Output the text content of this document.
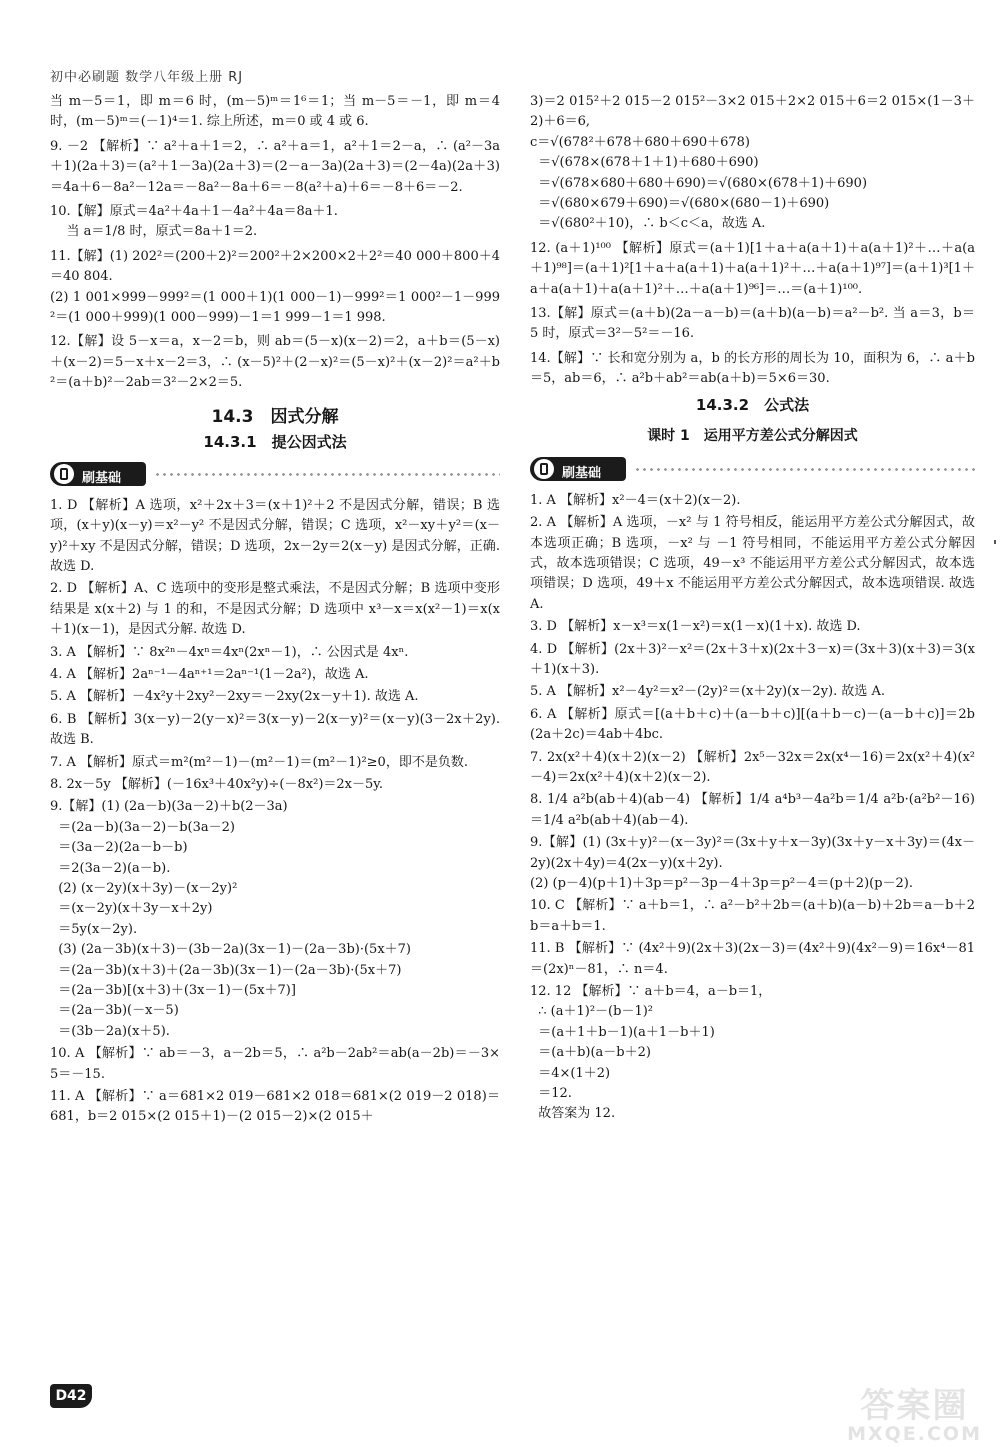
初中必刷题 数学八年级上册 RJ
当 m－5＝1，即 m＝6 时，(m－5)ᵐ＝1⁶＝1；当 m－5＝－1，即 m＝4 时，(m－5)ᵐ＝(－1)⁴＝1. 综上所述，m＝0 或 4 或 6.
9. －2 【解析】∵ a²＋a＋1＝2，∴ a²＋a＝1，a²＋1＝2－a，∴ (a²－3a＋1)(2a＋3)＝(a²＋1－3a)(2a＋3)＝(2－a－3a)(2a＋3)＝(2－4a)(2a＋3)＝4a＋6－8a²－12a＝－8a²－8a＋6＝－8(a²＋a)＋6＝－8＋6＝－2.
10.【解】原式＝4a²＋4a＋1－4a²＋4a＝8a＋1.
当 a＝1/8 时，原式＝8a＋1＝2.
11.【解】(1) 202²＝(200＋2)²＝200²＋2×200×2＋2²＝40 000＋800＋4＝40 804.
(2) 1 001×999－999²＝(1 000＋1)(1 000－1)－999²＝1 000²－1－999²＝(1 000＋999)(1 000－999)－1＝1 999－1＝1 998.
12.【解】设 5－x＝a，x－2＝b，则 ab＝(5－x)(x－2)＝2，a＋b＝(5－x)＋(x－2)＝5－x＋x－2＝3，∴ (x－5)²＋(2－x)²＝(5－x)²＋(x－2)²＝a²＋b²＝(a＋b)²－2ab＝3²－2×2＝5.
14.3　因式分解
14.3.1　提公因式法
刷基础
1. D 【解析】A 选项，x²＋2x＋3＝(x＋1)²＋2 不是因式分解，错误；B 选项，(x＋y)(x－y)＝x²－y² 不是因式分解，错误；C 选项，x²－xy＋y²＝(x－y)²＋xy 不是因式分解，错误；D 选项，2x－2y＝2(x－y) 是因式分解，正确. 故选 D.
2. D 【解析】A、C 选项中的变形是整式乘法，不是因式分解；B 选项中变形结果是 x(x＋2) 与 1 的和，不是因式分解；D 选项中 x³－x＝x(x²－1)＝x(x＋1)(x－1)，是因式分解. 故选 D.
3. A 【解析】∵ 8x²ⁿ－4xⁿ＝4xⁿ(2xⁿ－1)，∴ 公因式是 4xⁿ.
4. A 【解析】2aⁿ⁻¹－4aⁿ⁺¹＝2aⁿ⁻¹(1－2a²)，故选 A.
5. A 【解析】－4x²y＋2xy²－2xy＝－2xy(2x－y＋1). 故选 A.
6. B 【解析】3(x－y)－2(y－x)²＝3(x－y)－2(x－y)²＝(x－y)(3－2x＋2y). 故选 B.
7. A 【解析】原式＝m²(m²－1)－(m²－1)＝(m²－1)²≥0，即不是负数.
8. 2x－5y 【解析】(－16x³＋40x²y)÷(－8x²)＝2x－5y.
9.【解】(1) (2a－b)(3a－2)＋b(2－3a)
＝(2a－b)(3a－2)－b(3a－2)
＝(3a－2)(2a－b－b)
＝2(3a－2)(a－b).
(2) (x－2y)(x＋3y)－(x－2y)²
＝(x－2y)(x＋3y－x＋2y)
＝5y(x－2y).
(3) (2a－3b)(x＋3)－(3b－2a)(3x－1)－(2a－3b)·(5x＋7)
＝(2a－3b)(x＋3)＋(2a－3b)(3x－1)－(2a－3b)·(5x＋7)
＝(2a－3b)[(x＋3)＋(3x－1)－(5x＋7)]
＝(2a－3b)(－x－5)
＝(3b－2a)(x＋5).
10. A 【解析】∵ ab＝－3，a－2b＝5，∴ a²b－2ab²＝ab(a－2b)＝－3×5＝－15.
11. A 【解析】∵ a＝681×2 019－681×2 018＝681×(2 019－2 018)＝681，b＝2 015×(2 015＋1)－(2 015－2)×(2 015＋
3)＝2 015²＋2 015－2 015²－3×2 015＋2×2 015＋6＝2 015×(1－3＋2)＋6＝6,
c＝√(678²＋678＋680＋690＋678)
＝√(678×(678＋1＋1)＋680＋690)
＝√(678×680＋680＋690)＝√(680×(678＋1)＋690)
＝√(680×679＋690)＝√(680×(680－1)＋690)
＝√(680²＋10)，∴ b＜c＜a，故选 A.
12. (a＋1)¹⁰⁰ 【解析】原式＝(a＋1)[1＋a＋a(a＋1)＋a(a＋1)²＋…＋a(a＋1)⁹⁸]＝(a＋1)²[1＋a＋a(a＋1)＋a(a＋1)²＋…＋a(a＋1)⁹⁷]＝(a＋1)³[1＋a＋a(a＋1)＋a(a＋1)²＋…＋a(a＋1)⁹⁶]＝…＝(a＋1)¹⁰⁰.
13.【解】原式＝(a＋b)(2a－a－b)＝(a＋b)(a－b)＝a²－b². 当 a＝3，b＝5 时，原式＝3²－5²＝－16.
14.【解】∵ 长和宽分别为 a，b 的长方形的周长为 10，面积为 6，∴ a＋b＝5，ab＝6，∴ a²b＋ab²＝ab(a＋b)＝5×6＝30.
14.3.2　公式法
课时 1　运用平方差公式分解因式
刷基础
1. A 【解析】x²－4＝(x＋2)(x－2).
2. A 【解析】A 选项，－x² 与 1 符号相反，能运用平方差公式分解因式，故本选项正确；B 选项，－x² 与 －1 符号相同，不能运用平方差公式分解因式，故本选项错误；C 选项，49－x³ 不能运用平方差公式分解因式，故本选项错误；D 选项，49＋x 不能运用平方差公式分解因式，故本选项错误. 故选 A.
3. D 【解析】x－x³＝x(1－x²)＝x(1－x)(1＋x). 故选 D.
4. D 【解析】(2x＋3)²－x²＝(2x＋3＋x)(2x＋3－x)＝(3x＋3)(x＋3)＝3(x＋1)(x＋3).
5. A 【解析】x²－4y²＝x²－(2y)²＝(x＋2y)(x－2y). 故选 A.
6. A 【解析】原式＝[(a＋b＋c)＋(a－b＋c)][(a＋b－c)－(a－b＋c)]＝2b(2a＋2c)＝4ab＋4bc.
7. 2x(x²＋4)(x＋2)(x－2) 【解析】2x⁵－32x＝2x(x⁴－16)＝2x(x²＋4)(x²－4)＝2x(x²＋4)(x＋2)(x－2).
8. 1/4 a²b(ab＋4)(ab－4) 【解析】1/4 a⁴b³－4a²b＝1/4 a²b·(a²b²－16)＝1/4 a²b(ab＋4)(ab－4).
9.【解】(1) (3x＋y)²－(x－3y)²＝(3x＋y＋x－3y)(3x＋y－x＋3y)＝(4x－2y)(2x＋4y)＝4(2x－y)(x＋2y).
(2) (p－4)(p＋1)＋3p＝p²－3p－4＋3p＝p²－4＝(p＋2)(p－2).
10. C 【解析】∵ a＋b＝1，∴ a²－b²＋2b＝(a＋b)(a－b)＋2b＝a－b＋2b＝a＋b＝1.
11. B 【解析】∵ (4x²＋9)(2x＋3)(2x－3)＝(4x²＋9)(4x²－9)＝16x⁴－81＝(2x)ⁿ－81，∴ n＝4.
12. 12 【解析】∵ a＋b＝4，a－b＝1，
∴ (a＋1)²－(b－1)²
＝(a＋1＋b－1)(a＋1－b＋1)
＝(a＋b)(a－b＋2)
＝4×(1＋2)
＝12.
故答案为 12.
D42	答案圈
MXQE.COM
